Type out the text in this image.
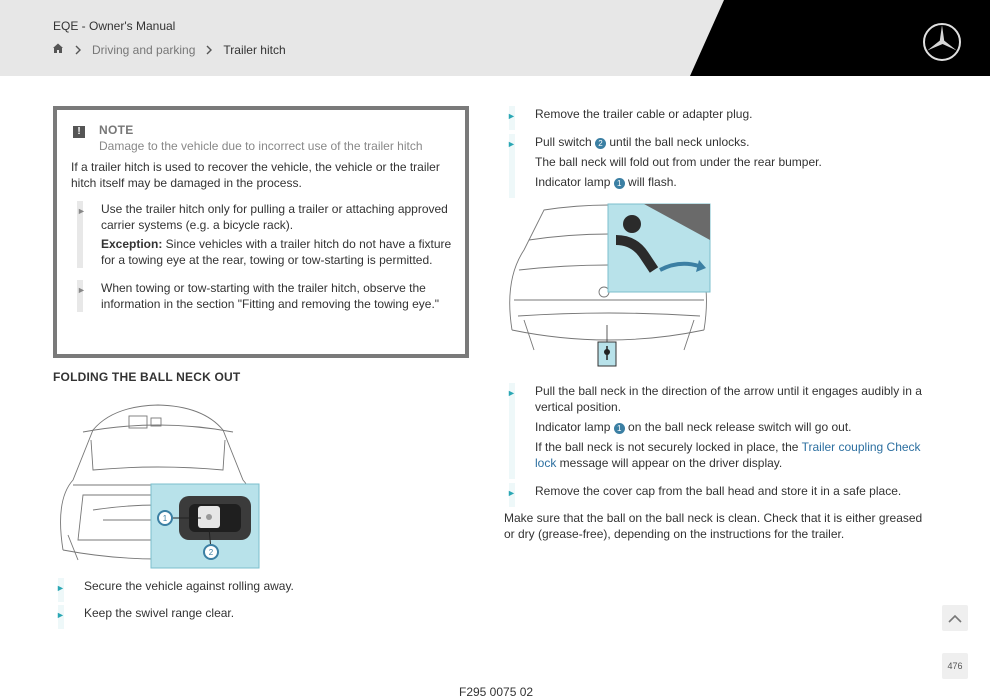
EQE - Owner's Manual
Driving and parking Trailer hitch
!	NOTE
Damage to the vehicle due to incorrect use of the trailer hitch
If a trailer hitch is used to recover the vehicle, the vehicle or the trailer hitch itself may be damaged in the process.
► Use the trailer hitch only for pulling a trailer or attaching approved carrier systems (e.g. a bicycle rack).
Exception: Since vehicles with a trailer hitch do not have a fixture for a towing eye at the rear, towing or tow-starting is permitted.
► When towing or tow-starting with the trailer hitch, observe the information in the section "Fitting and removing the towing eye."
FOLDING THE BALL NECK OUT
1
2
► Secure the vehicle against rolling away.
► Keep the swivel range clear.
► Remove the trailer cable or adapter plug.
► Pull switch 2 until the ball neck unlocks.
The ball neck will fold out from under the rear bumper.
Indicator lamp 1 will flash.
► Pull the ball neck in the direction of the arrow until it engages audibly in a vertical position.
Indicator lamp 1 on the ball neck release switch will go out.
If the ball neck is not securely locked in place, the Trailer coupling Check lock message will appear on the driver display.
► Remove the cover cap from the ball head and store it in a safe place.
Make sure that the ball on the ball neck is clean. Check that it is either greased or dry (grease-free), depending on the instructions for the trailer.
476
F295 0075 02
